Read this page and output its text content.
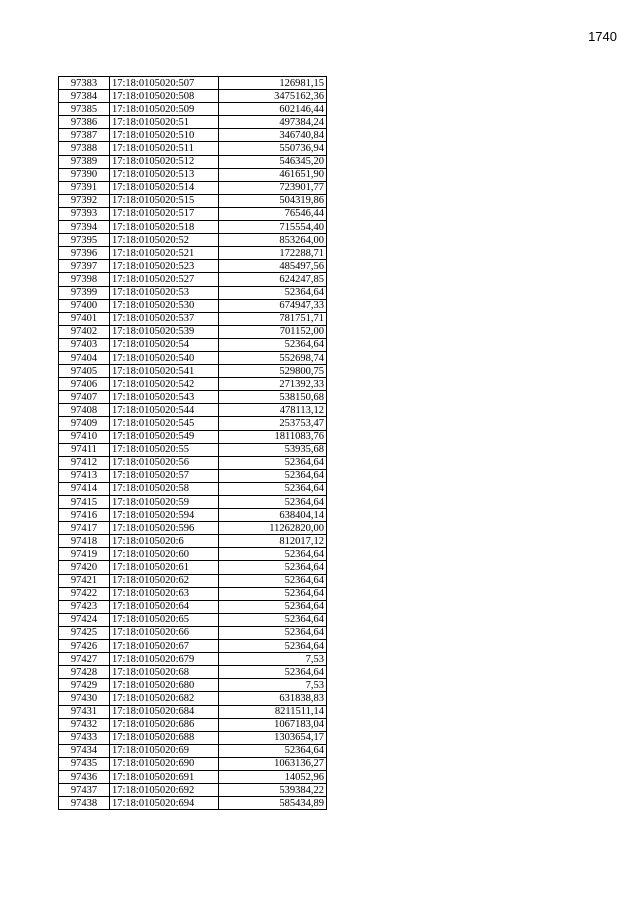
1740
97383	17:18:0105020:507	126981,15
97384	17:18:0105020:508	3475162,36
97385	17:18:0105020:509	602146,44
97386	17:18:0105020:51	497384,24
97387	17:18:0105020:510	346740,84
97388	17:18:0105020:511	550736,94
97389	17:18:0105020:512	546345,20
97390	17:18:0105020:513	461651,90
97391	17:18:0105020:514	723901,77
97392	17:18:0105020:515	504319,86
97393	17:18:0105020:517	76546,44
97394	17:18:0105020:518	715554,40
97395	17:18:0105020:52	853264,00
97396	17:18:0105020:521	172288,71
97397	17:18:0105020:523	485497,56
97398	17:18:0105020:527	624247,85
97399	17:18:0105020:53	52364,64
97400	17:18:0105020:530	674947,33
97401	17:18:0105020:537	781751,71
97402	17:18:0105020:539	701152,00
97403	17:18:0105020:54	52364,64
97404	17:18:0105020:540	552698,74
97405	17:18:0105020:541	529800,75
97406	17:18:0105020:542	271392,33
97407	17:18:0105020:543	538150,68
97408	17:18:0105020:544	478113,12
97409	17:18:0105020:545	253753,47
97410	17:18:0105020:549	1811083,76
97411	17:18:0105020:55	53935,68
97412	17:18:0105020:56	52364,64
97413	17:18:0105020:57	52364,64
97414	17:18:0105020:58	52364,64
97415	17:18:0105020:59	52364,64
97416	17:18:0105020:594	638404,14
97417	17:18:0105020:596	11262820,00
97418	17:18:0105020:6	812017,12
97419	17:18:0105020:60	52364,64
97420	17:18:0105020:61	52364,64
97421	17:18:0105020:62	52364,64
97422	17:18:0105020:63	52364,64
97423	17:18:0105020:64	52364,64
97424	17:18:0105020:65	52364,64
97425	17:18:0105020:66	52364,64
97426	17:18:0105020:67	52364,64
97427	17:18:0105020:679	7,53
97428	17:18:0105020:68	52364,64
97429	17:18:0105020:680	7,53
97430	17:18:0105020:682	631838,83
97431	17:18:0105020:684	8211511,14
97432	17:18:0105020:686	1067183,04
97433	17:18:0105020:688	1303654,17
97434	17:18:0105020:69	52364,64
97435	17:18:0105020:690	1063136,27
97436	17:18:0105020:691	14052,96
97437	17:18:0105020:692	539384,22
97438	17:18:0105020:694	585434,89
